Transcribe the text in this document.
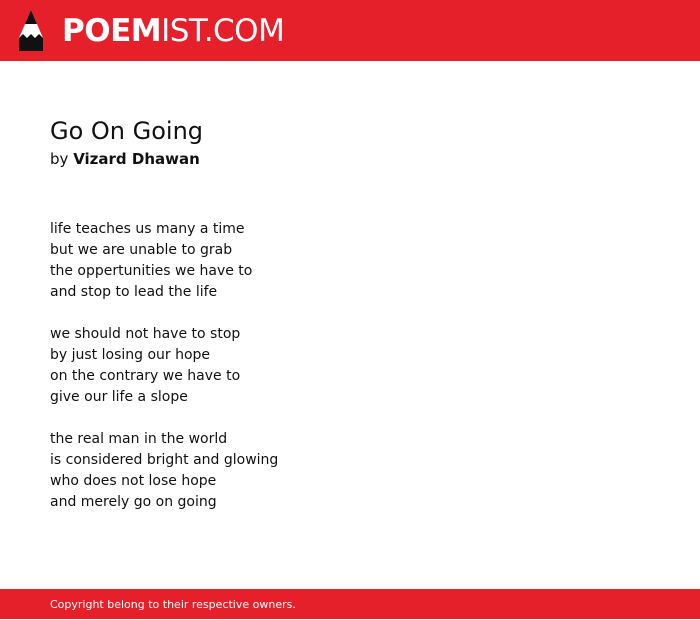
POEMIST.COM
Go On Going
by Vizard Dhawan
life teaches us many a time
but we are unable to grab
the oppertunities we have to
and stop to lead the life
we should not have to stop
by just losing our hope
on the contrary we have to
give our life a slope
the real man in the world
is considered bright and glowing
who does not lose hope
and merely go on going
Copyright belong to their respective owners.
